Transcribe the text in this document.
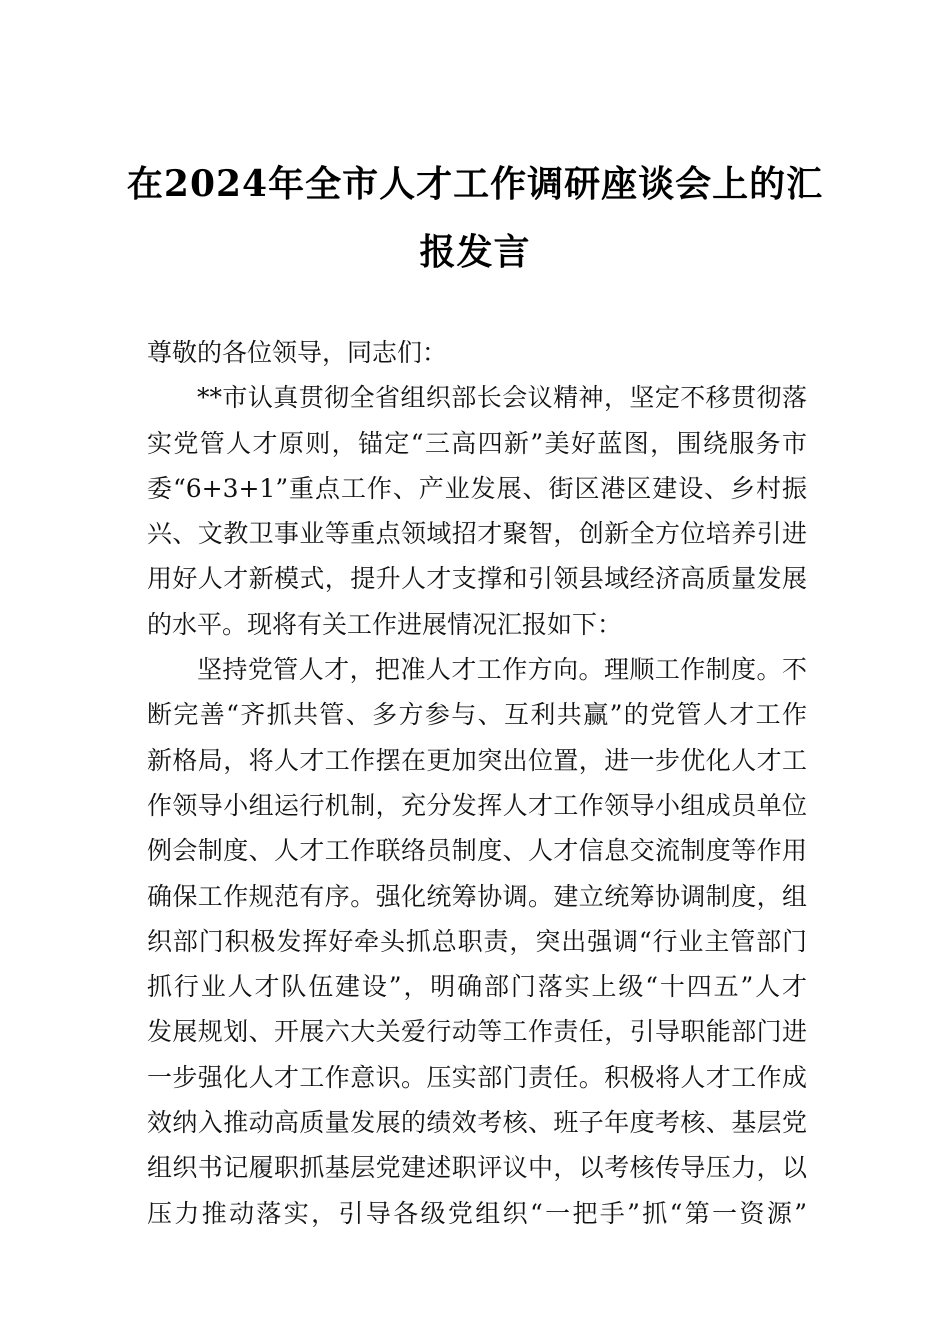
在2024年全市人才工作调研座谈会上的汇
报发言
尊敬的各位领导，同志们：
**市认真贯彻全省组织部长会议精神，坚定不移贯彻落
实党管人才原则，锚定“三高四新”美好蓝图，围绕服务市
委“6+3+1”重点工作、产业发展、街区港区建设、乡村振
兴、文教卫事业等重点领域招才聚智，创新全方位培养引进
用好人才新模式，提升人才支撑和引领县域经济高质量发展
的水平。现将有关工作进展情况汇报如下：
坚持党管人才，把准人才工作方向。理顺工作制度。不
断完善“齐抓共管、多方参与、互利共赢”的党管人才工作
新格局，将人才工作摆在更加突出位置，进一步优化人才工
作领导小组运行机制，充分发挥人才工作领导小组成员单位
例会制度、人才工作联络员制度、人才信息交流制度等作用
确保工作规范有序。强化统筹协调。建立统筹协调制度，组
织部门积极发挥好牵头抓总职责，突出强调“行业主管部门
抓行业人才队伍建设”，明确部门落实上级“十四五”人才
发展规划、开展六大关爱行动等工作责任，引导职能部门进
一步强化人才工作意识。压实部门责任。积极将人才工作成
效纳入推动高质量发展的绩效考核、班子年度考核、基层党
组织书记履职抓基层党建述职评议中，以考核传导压力，以
压力推动落实，引导各级党组织“一把手”抓“第一资源”
